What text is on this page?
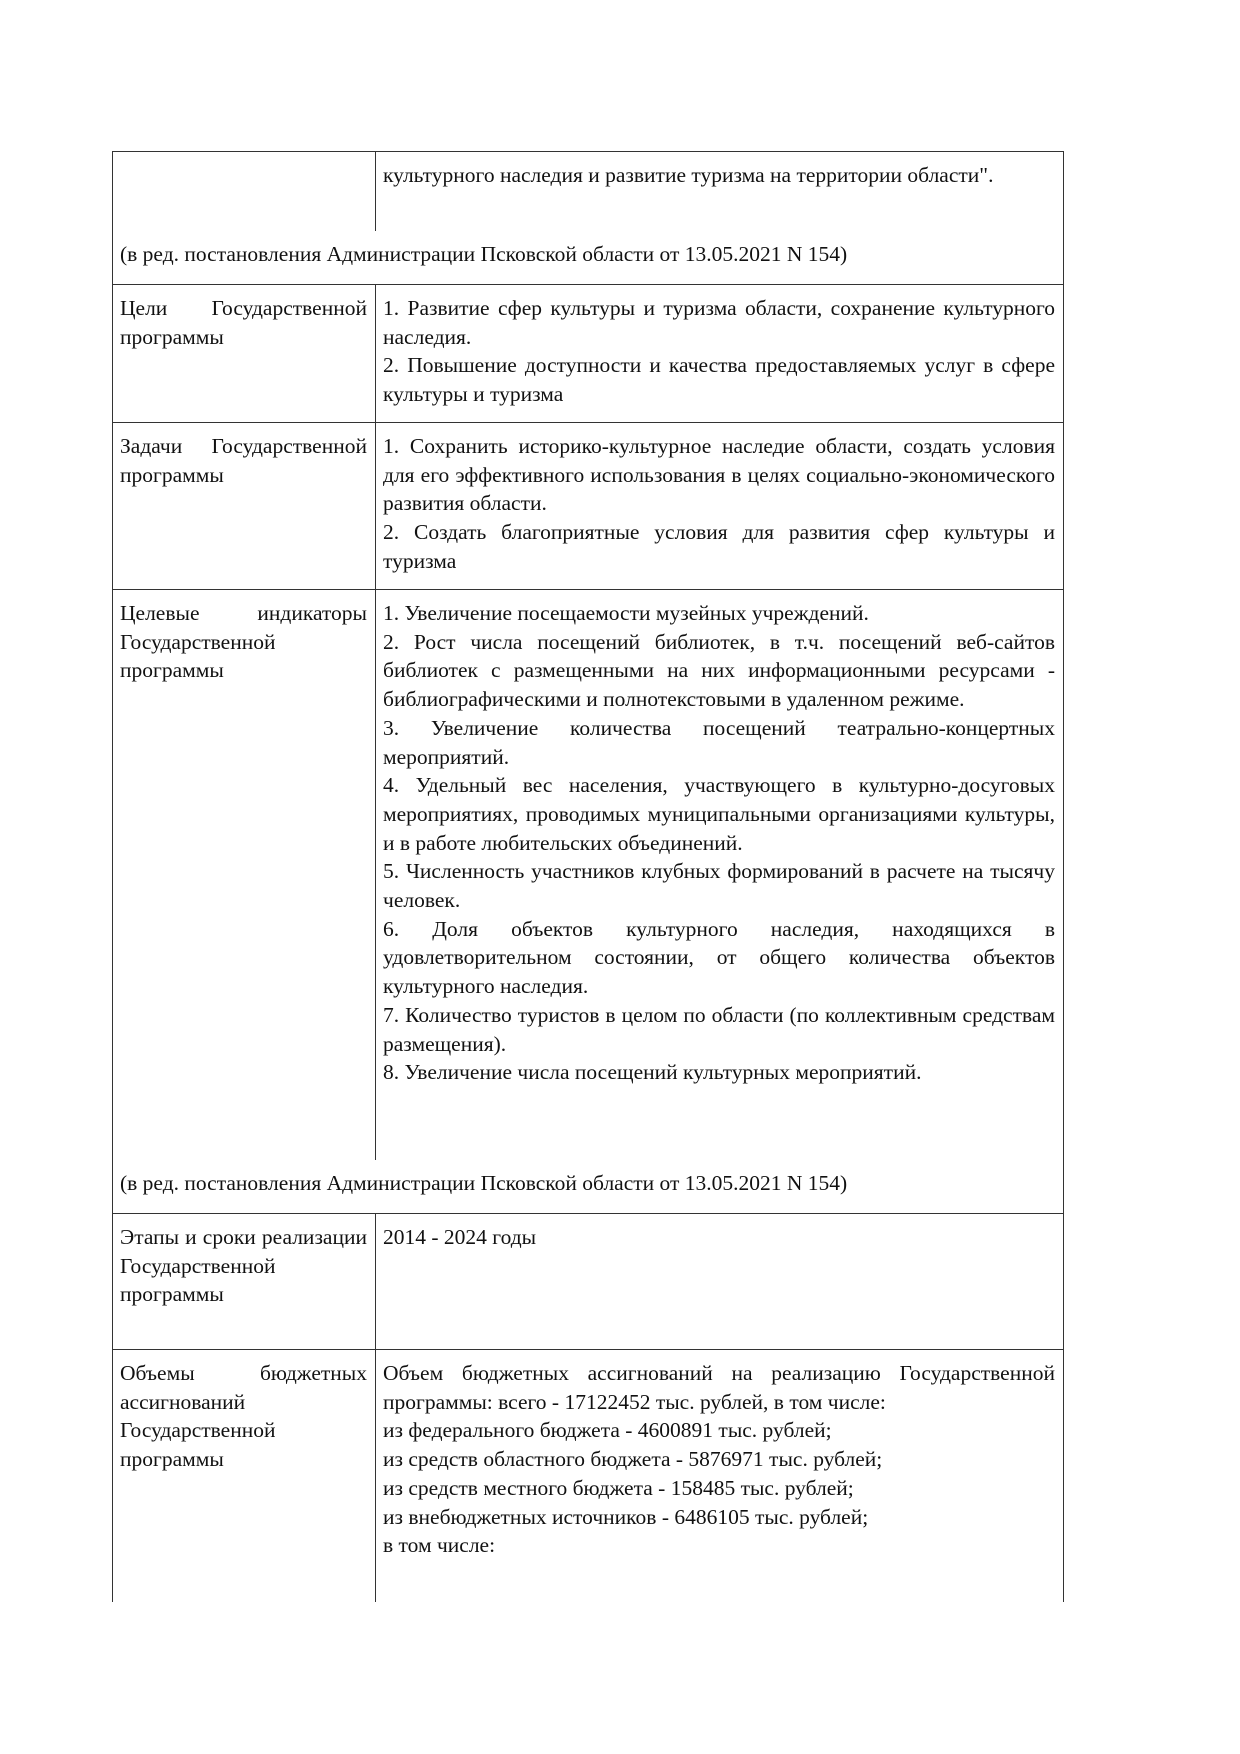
культурного наследия и развитие туризма на территории области".

(в ред. постановления Администрации Псковской области от 13.05.2021 N 154)

Цели Государственной программы

1. Развитие сфер культуры и туризма области, сохранение культурного наследия.

2. Повышение доступности и качества предоставляемых услуг в сфере культуры и туризма

Задачи Государственной программы

1. Сохранить историко-культурное наследие области, создать условия для его эффективного использования в целях социально-экономического развития области.

2. Создать благоприятные условия для развития сфер культуры и туризма

Целевые индикаторы Государственной программы

1. Увеличение посещаемости музейных учреждений.

2. Рост числа посещений библиотек, в т.ч. посещений веб-сайтов библиотек с размещенными на них информационными ресурсами - библиографическими и полнотекстовыми в удаленном режиме.

3. Увеличение количества посещений театрально-концертных мероприятий.

4. Удельный вес населения, участвующего в культурно-досуговых мероприятиях, проводимых муниципальными организациями культуры, и в работе любительских объединений.

5. Численность участников клубных формирований в расчете на тысячу человек.

6. Доля объектов культурного наследия, находящихся в удовлетворительном состоянии, от общего количества объектов культурного наследия.

7. Количество туристов в целом по области (по коллективным средствам размещения).

8. Увеличение числа посещений культурных мероприятий.

(в ред. постановления Администрации Псковской области от 13.05.2021 N 154)

Этапы и сроки реализации Государственной программы

2014 - 2024 годы

Объемы бюджетных ассигнований Государственной программы

Объем бюджетных ассигнований на реализацию Государственной программы: всего - 17122452 тыс. рублей, в том числе:

из федерального бюджета - 4600891 тыс. рублей;

из средств областного бюджета - 5876971 тыс. рублей;

из средств местного бюджета - 158485 тыс. рублей;

из внебюджетных источников - 6486105 тыс. рублей;

в том числе:
